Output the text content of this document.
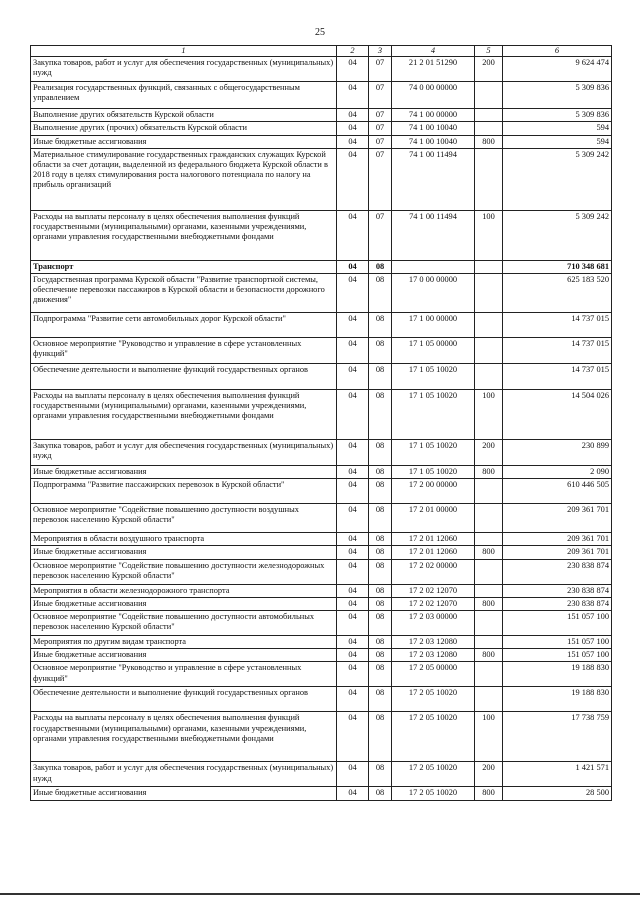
25
1	2	3	4	5	6
Закупка товаров, работ и услуг для обеспечения государственных (муниципальных) нужд	04	07	21 2 01 51290	200	9 624 474
Реализация государственных функций, связанных с общегосударственным управлением	04	07	74 0 00 00000		5 309 836
Выполнение других обязательств Курской области	04	07	74 1 00 00000		5 309 836
Выполнение других (прочих) обязательств Курской области	04	07	74 1 00 10040		594
Иные бюджетные ассигнования	04	07	74 1 00 10040	800	594
Материальное стимулирование государственных гражданских служащих Курской области за счет дотации, выделенной из федерального бюджета Курской области в 2018 году в целях стимулирования роста налогового потенциала по налогу на прибыль организаций	04	07	74 1 00 11494		5 309 242
Расходы на выплаты персоналу в целях обеспечения выполнения функций государственными (муниципальными) органами, казенными учреждениями, органами управления государственными внебюджетными фондами	04	07	74 1 00 11494	100	5 309 242
Транспорт	04	08			710 348 681
Государственная программа Курской области "Развитие транспортной системы, обеспечение перевозки пассажиров в Курской области и безопасности дорожного движения"	04	08	17 0 00 00000		625 183 520
Подпрограмма "Развитие сети автомобильных дорог Курской области"	04	08	17 1 00 00000		14 737 015
Основное мероприятие "Руководство и управление в сфере установленных функций"	04	08	17 1 05 00000		14 737 015
Обеспечение деятельности и выполнение функций государственных органов	04	08	17 1 05 10020		14 737 015
Расходы на выплаты персоналу в целях обеспечения выполнения функций государственными (муниципальными) органами, казенными учреждениями, органами управления государственными внебюджетными фондами	04	08	17 1 05 10020	100	14 504 026
Закупка товаров, работ и услуг для обеспечения государственных (муниципальных) нужд	04	08	17 1 05 10020	200	230 899
Иные бюджетные ассигнования	04	08	17 1 05 10020	800	2 090
Подпрограмма "Развитие пассажирских перевозок в Курской области"	04	08	17 2 00 00000		610 446 505
Основное мероприятие "Содействие повышению доступности воздушных перевозок населению Курской области"	04	08	17 2 01 00000		209 361 701
Мероприятия в области воздушного транспорта	04	08	17 2 01 12060		209 361 701
Иные бюджетные ассигнования	04	08	17 2 01 12060	800	209 361 701
Основное мероприятие "Содействие повышению доступности железнодорожных перевозок населению Курской области"	04	08	17 2 02 00000		230 838 874
Мероприятия в области железнодорожного транспорта	04	08	17 2 02 12070		230 838 874
Иные бюджетные ассигнования	04	08	17 2 02 12070	800	230 838 874
Основное мероприятие "Содействие повышению доступности автомобильных перевозок населению Курской области"	04	08	17 2 03 00000		151 057 100
Мероприятия по другим видам транспорта	04	08	17 2 03 12080		151 057 100
Иные бюджетные ассигнования	04	08	17 2 03 12080	800	151 057 100
Основное мероприятие "Руководство и управление в сфере установленных функций"	04	08	17 2 05 00000		19 188 830
Обеспечение деятельности и выполнение функций государственных органов	04	08	17 2 05 10020		19 188 830
Расходы на выплаты персоналу в целях обеспечения выполнения функций государственными (муниципальными) органами, казенными учреждениями, органами управления государственными внебюджетными фондами	04	08	17 2 05 10020	100	17 738 759
Закупка товаров, работ и услуг для обеспечения государственных (муниципальных) нужд	04	08	17 2 05 10020	200	1 421 571
Иные бюджетные ассигнования	04	08	17 2 05 10020	800	28 500
